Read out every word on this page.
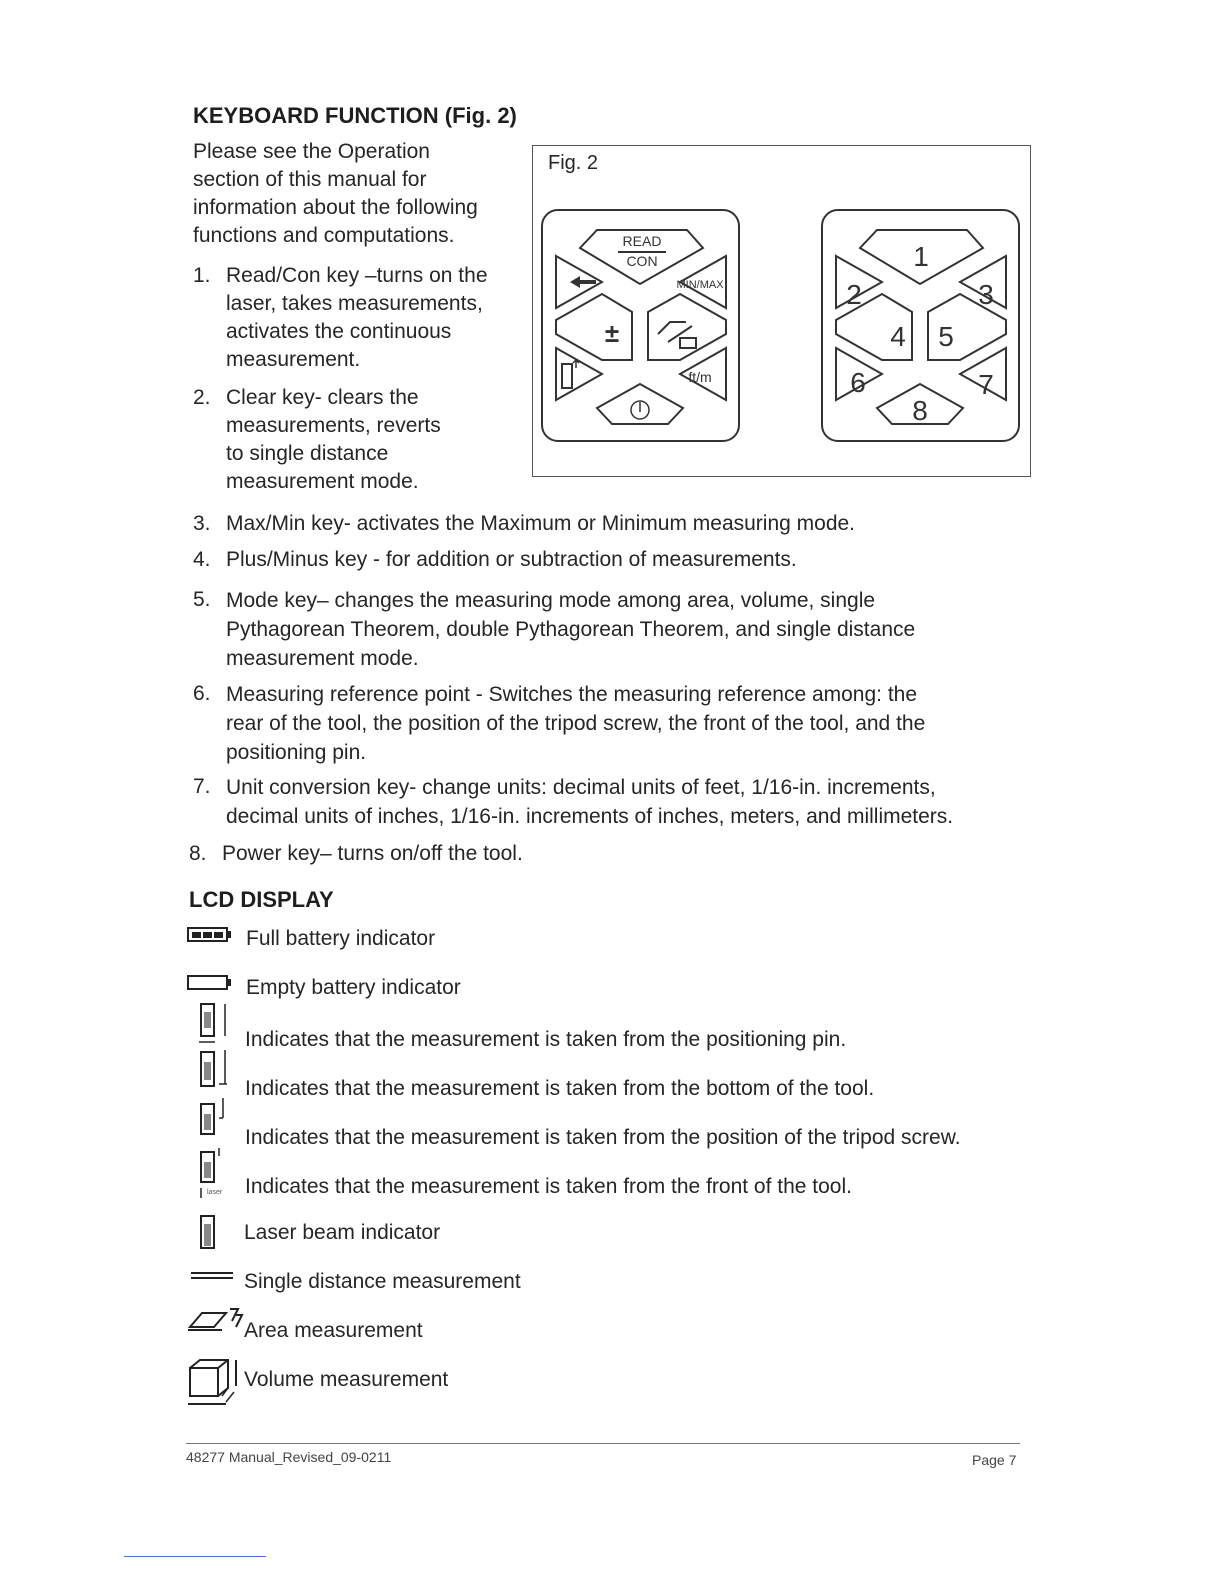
KEYBOARD FUNCTION (Fig. 2)
Please see the Operation
section of this manual for
information about the following
functions and computations.
1. Read/Con key –turns on the
laser, takes measurements,
activates the continuous
measurement.
2. Clear key- clears the
measurements, reverts
to single distance
measurement mode.
3. Max/Min key- activates the Maximum or Minimum measuring mode.
4. Plus/Minus key - for addition or subtraction of measurements.
5. Mode key– changes the measuring mode among area, volume, single
Pythagorean Theorem, double Pythagorean Theorem, and single distance
measurement mode.
6. Measuring reference point - Switches the measuring reference among: the
rear of the tool, the position of the tripod screw, the front of the tool, and the
positioning pin.
7. Unit conversion key- change units: decimal units of feet, 1/16-in. increments,
decimal units of inches, 1/16-in. increments of inches, meters, and millimeters.
8. Power key– turns on/off the tool.
Fig. 2
READ
CON
MIN/MAX
±
ft/m
1
2	3
4 5
6	7
8
LCD DISPLAY
Full battery indicator
Empty battery indicator
Indicates that the measurement is taken from the positioning pin.
Indicates that the measurement is taken from the bottom of the tool.
Indicates that the measurement is taken from the position of the tripod screw.
laser Indicates that the measurement is taken from the front of the tool.
Laser beam indicator
Single distance measurement
Area measurement
Volume measurement
48277 Manual_Revised_09-0211	Page 7
